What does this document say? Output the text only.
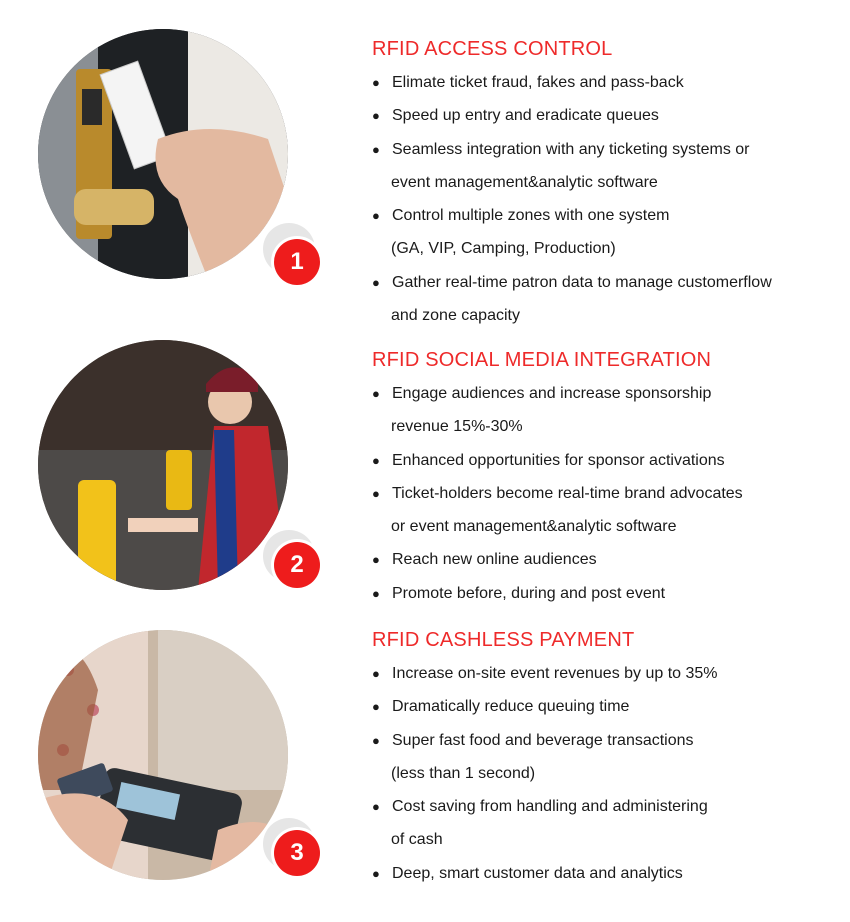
1
RFID ACCESS CONTROL
● Elimate ticket fraud, fakes and pass-back
● Speed up entry and eradicate queues
● Seamless integration with any ticketing systems or
event management&analytic software
● Control multiple zones with one system
(GA, VIP, Camping, Production)
● Gather real-time patron data to manage customerflow
and zone capacity
2
RFID SOCIAL MEDIA INTEGRATION
● Engage audiences and increase sponsorship
revenue 15%-30%
● Enhanced opportunities for sponsor activations
● Ticket-holders become real-time brand advocates
or event management&analytic software
● Reach new online audiences
● Promote before, during and post event
3
RFID CASHLESS PAYMENT
● Increase on-site event revenues by up to 35%
● Dramatically reduce queuing time
● Super fast food and beverage transactions
(less than 1 second)
● Cost saving from handling and administering
of cash
● Deep, smart customer data and analytics
